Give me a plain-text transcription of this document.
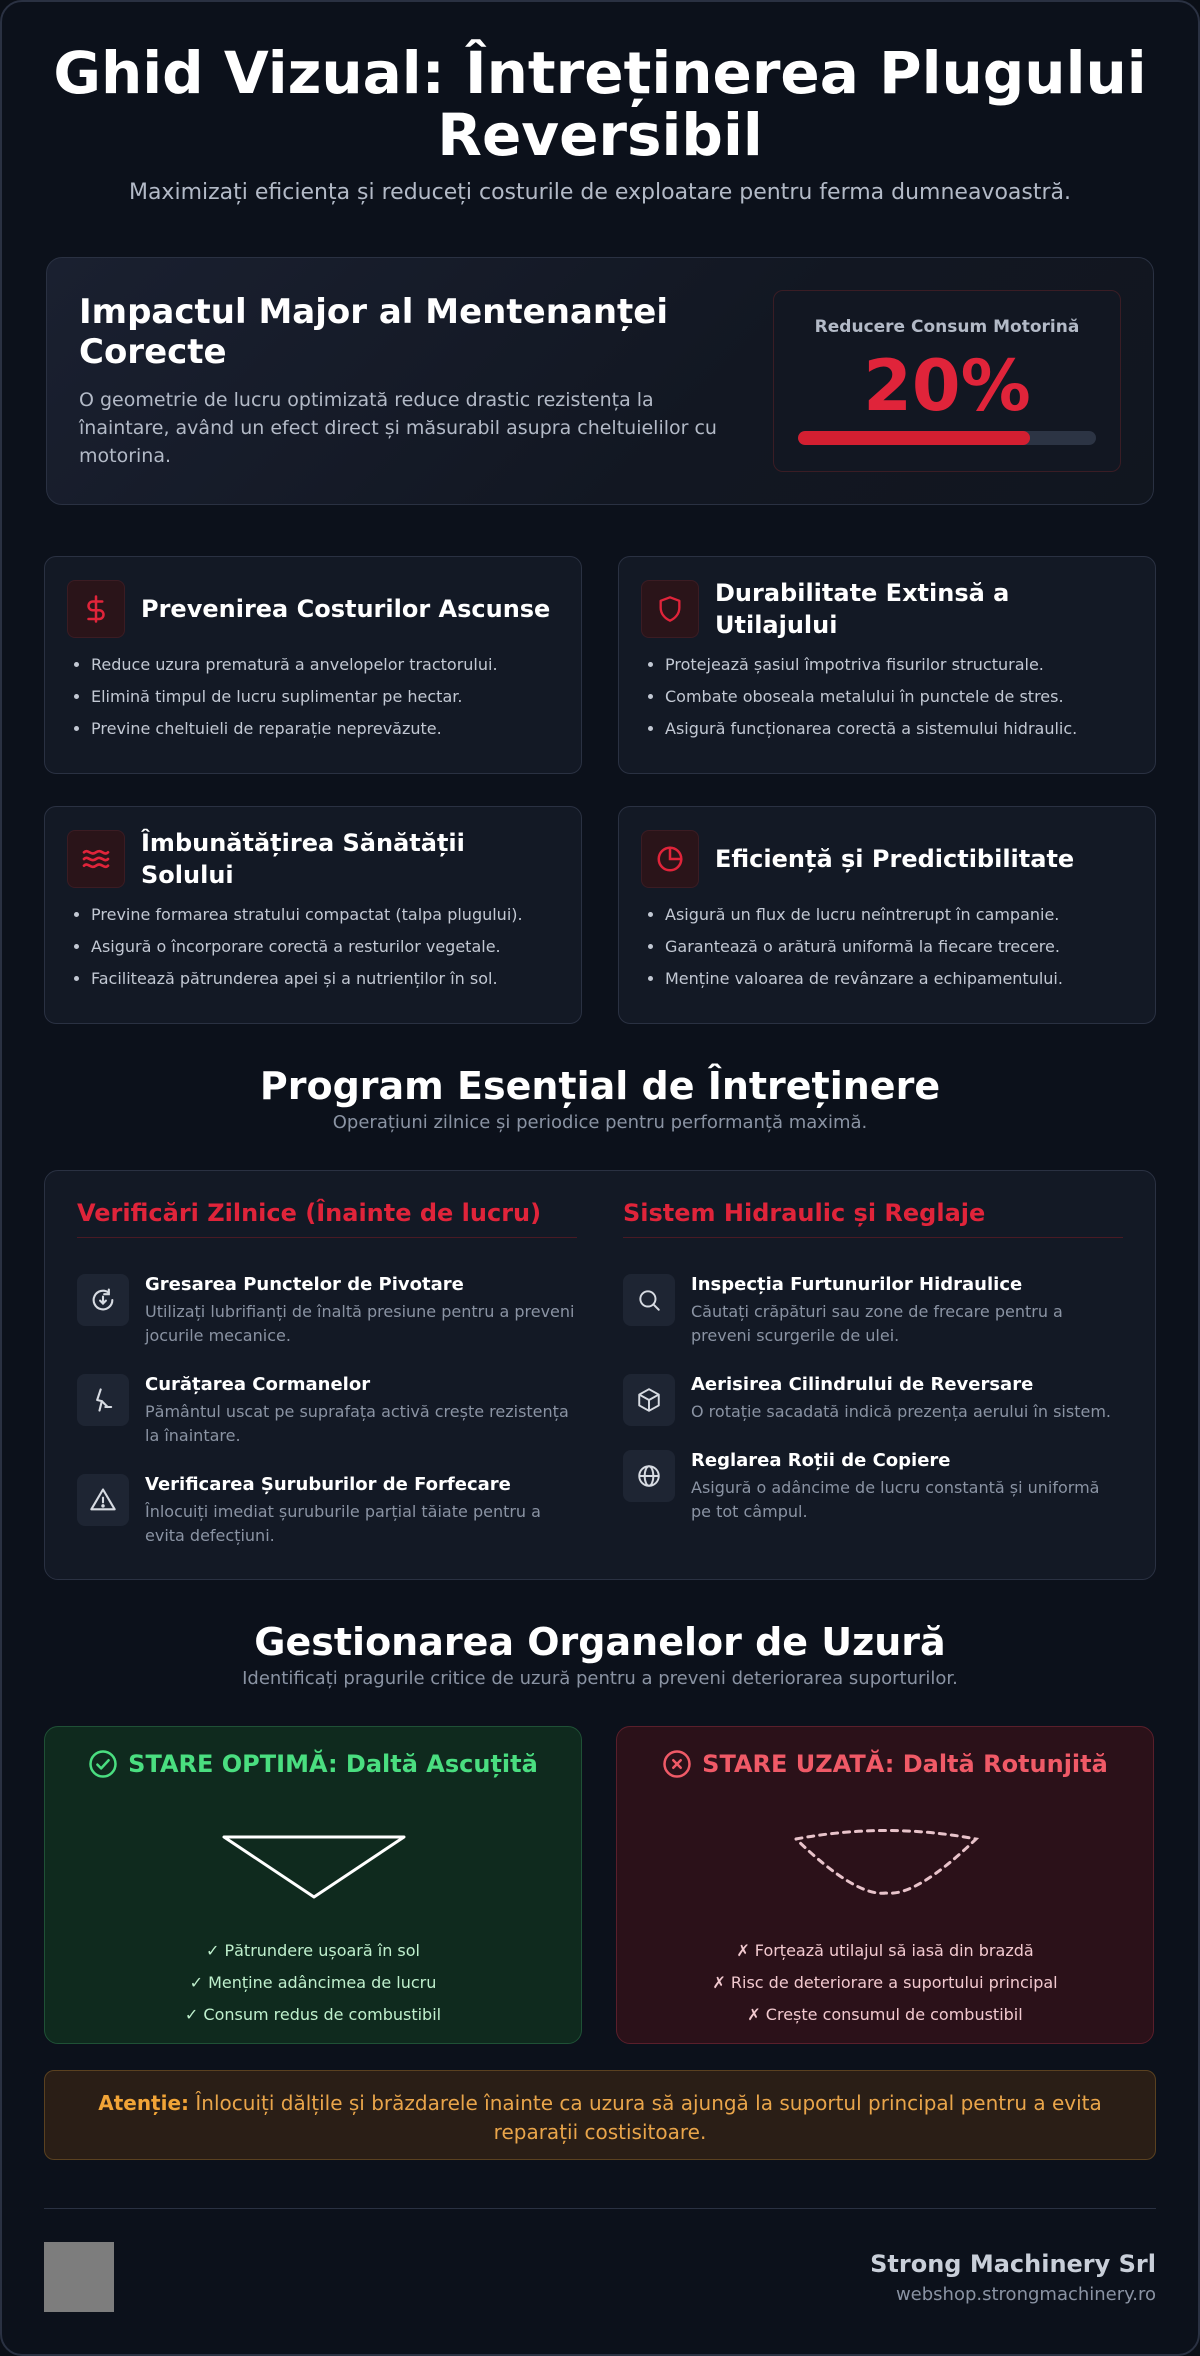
Ghid Vizual: Întreținerea Plugului Reversibil
Maximizați eficiența și reduceți costurile de exploatare pentru ferma dumneavoastră.
Impactul Major al Mentenanței Corecte
O geometrie de lucru optimizată reduce drastic rezistența la înaintare, având un efect direct și măsurabil asupra cheltuielilor cu motorina.
Reducere Consum Motorină
20%
Prevenirea Costurilor Ascunse
• Reduce uzura prematură a anvelopelor tractorului.
• Elimină timpul de lucru suplimentar pe hectar.
• Previne cheltuieli de reparație neprevăzute.
Durabilitate Extinsă a Utilajului
• Protejează șasiul împotriva fisurilor structurale.
• Combate oboseala metalului în punctele de stres.
• Asigură funcționarea corectă a sistemului hidraulic.
Îmbunătățirea Sănătății Solului
• Previne formarea stratului compactat (talpa plugului).
• Asigură o încorporare corectă a resturilor vegetale.
• Facilitează pătrunderea apei și a nutrienților în sol.
Eficiență și Predictibilitate
• Asigură un flux de lucru neîntrerupt în campanie.
• Garantează o arătură uniformă la fiecare trecere.
• Menține valoarea de revânzare a echipamentului.
Program Esențial de Întreținere
Operațiuni zilnice și periodice pentru performanță maximă.
Verificări Zilnice (Înainte de lucru)
Gresarea Punctelor de Pivotare
Utilizați lubrifianți de înaltă presiune pentru a preveni jocurile mecanice.
Curățarea Cormanelor
Pământul uscat pe suprafața activă crește rezistența la înaintare.
Verificarea Șuruburilor de Forfecare
Înlocuiți imediat șuruburile parțial tăiate pentru a evita defecțiuni.
Sistem Hidraulic și Reglaje
Inspecția Furtunurilor Hidraulice
Căutați crăpături sau zone de frecare pentru a preveni scurgerile de ulei.
Aerisirea Cilindrului de Reversare
O rotație sacadată indică prezența aerului în sistem.
Reglarea Roții de Copiere
Asigură o adâncime de lucru constantă și uniformă pe tot câmpul.
Gestionarea Organelor de Uzură
Identificați pragurile critice de uzură pentru a preveni deteriorarea suporturilor.
STARE OPTIMĂ: Daltă Ascuțită
✓ Pătrundere ușoară în sol
✓ Menține adâncimea de lucru
✓ Consum redus de combustibil
STARE UZATĂ: Daltă Rotunjită
✗ Forțează utilajul să iasă din brazdă
✗ Risc de deteriorare a suportului principal
✗ Crește consumul de combustibil
Atenție: Înlocuiți dălțile și brăzdarele înainte ca uzura să ajungă la suportul principal pentru a evita reparații costisitoare.
Strong Machinery Srl
webshop.strongmachinery.ro
